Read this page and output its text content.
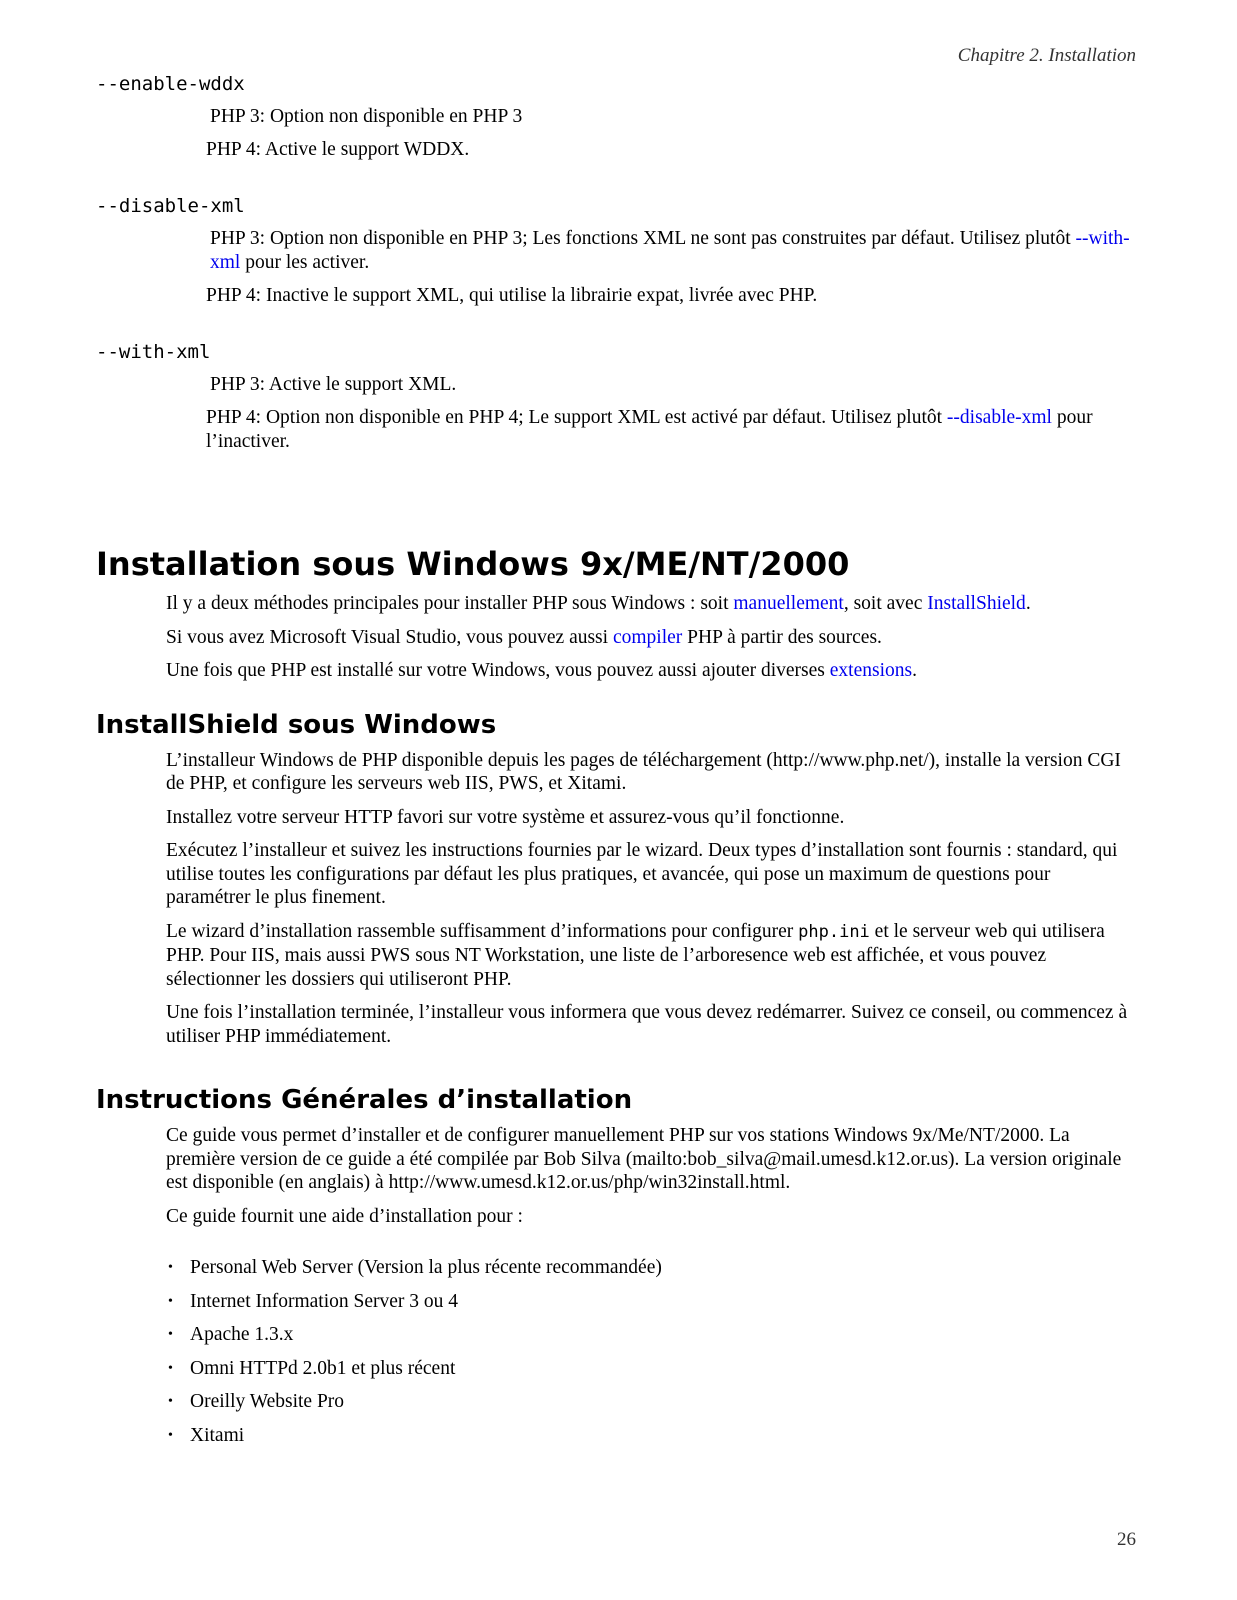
Chapitre 2. Installation

--enable-wddx

PHP 3: Option non disponible en PHP 3

PHP 4: Active le support WDDX.

--disable-xml

PHP 3: Option non disponible en PHP 3; Les fonctions XML ne sont pas construites par défaut. Utilisez plutôt --with-xml pour les activer.

PHP 4: Inactive le support XML, qui utilise la librairie expat, livrée avec PHP.

--with-xml

PHP 3: Active le support XML.

PHP 4: Option non disponible en PHP 4; Le support XML est activé par défaut. Utilisez plutôt --disable-xml pour l’inactiver.

Installation sous Windows 9x/ME/NT/2000

Il y a deux méthodes principales pour installer PHP sous Windows : soit manuellement, soit avec InstallShield.

Si vous avez Microsoft Visual Studio, vous pouvez aussi compiler PHP à partir des sources.

Une fois que PHP est installé sur votre Windows, vous pouvez aussi ajouter diverses extensions.

InstallShield sous Windows

L’installeur Windows de PHP disponible depuis les pages de téléchargement (http://www.php.net/), installe la version CGI de PHP, et configure les serveurs web IIS, PWS, et Xitami.

Installez votre serveur HTTP favori sur votre système et assurez-vous qu’il fonctionne.

Exécutez l’installeur et suivez les instructions fournies par le wizard. Deux types d’installation sont fournis : standard, qui utilise toutes les configurations par défaut les plus pratiques, et avancée, qui pose un maximum de questions pour paramétrer le plus finement.

Le wizard d’installation rassemble suffisamment d’informations pour configurer php.ini et le serveur web qui utilisera PHP. Pour IIS, mais aussi PWS sous NT Workstation, une liste de l’arboresence web est affichée, et vous pouvez sélectionner les dossiers qui utiliseront PHP.

Une fois l’installation terminée, l’installeur vous informera que vous devez redémarrer. Suivez ce conseil, ou commencez à utiliser PHP immédiatement.

Instructions Générales d’installation

Ce guide vous permet d’installer et de configurer manuellement PHP sur vos stations Windows 9x/Me/NT/2000. La première version de ce guide a été compilée par Bob Silva (mailto:bob_silva@mail.umesd.k12.or.us). La version originale est disponible (en anglais) à http://www.umesd.k12.or.us/php/win32install.html.

Ce guide fournit une aide d’installation pour :

• Personal Web Server (Version la plus récente recommandée)
• Internet Information Server 3 ou 4
• Apache 1.3.x
• Omni HTTPd 2.0b1 et plus récent
• Oreilly Website Pro
• Xitami
26
